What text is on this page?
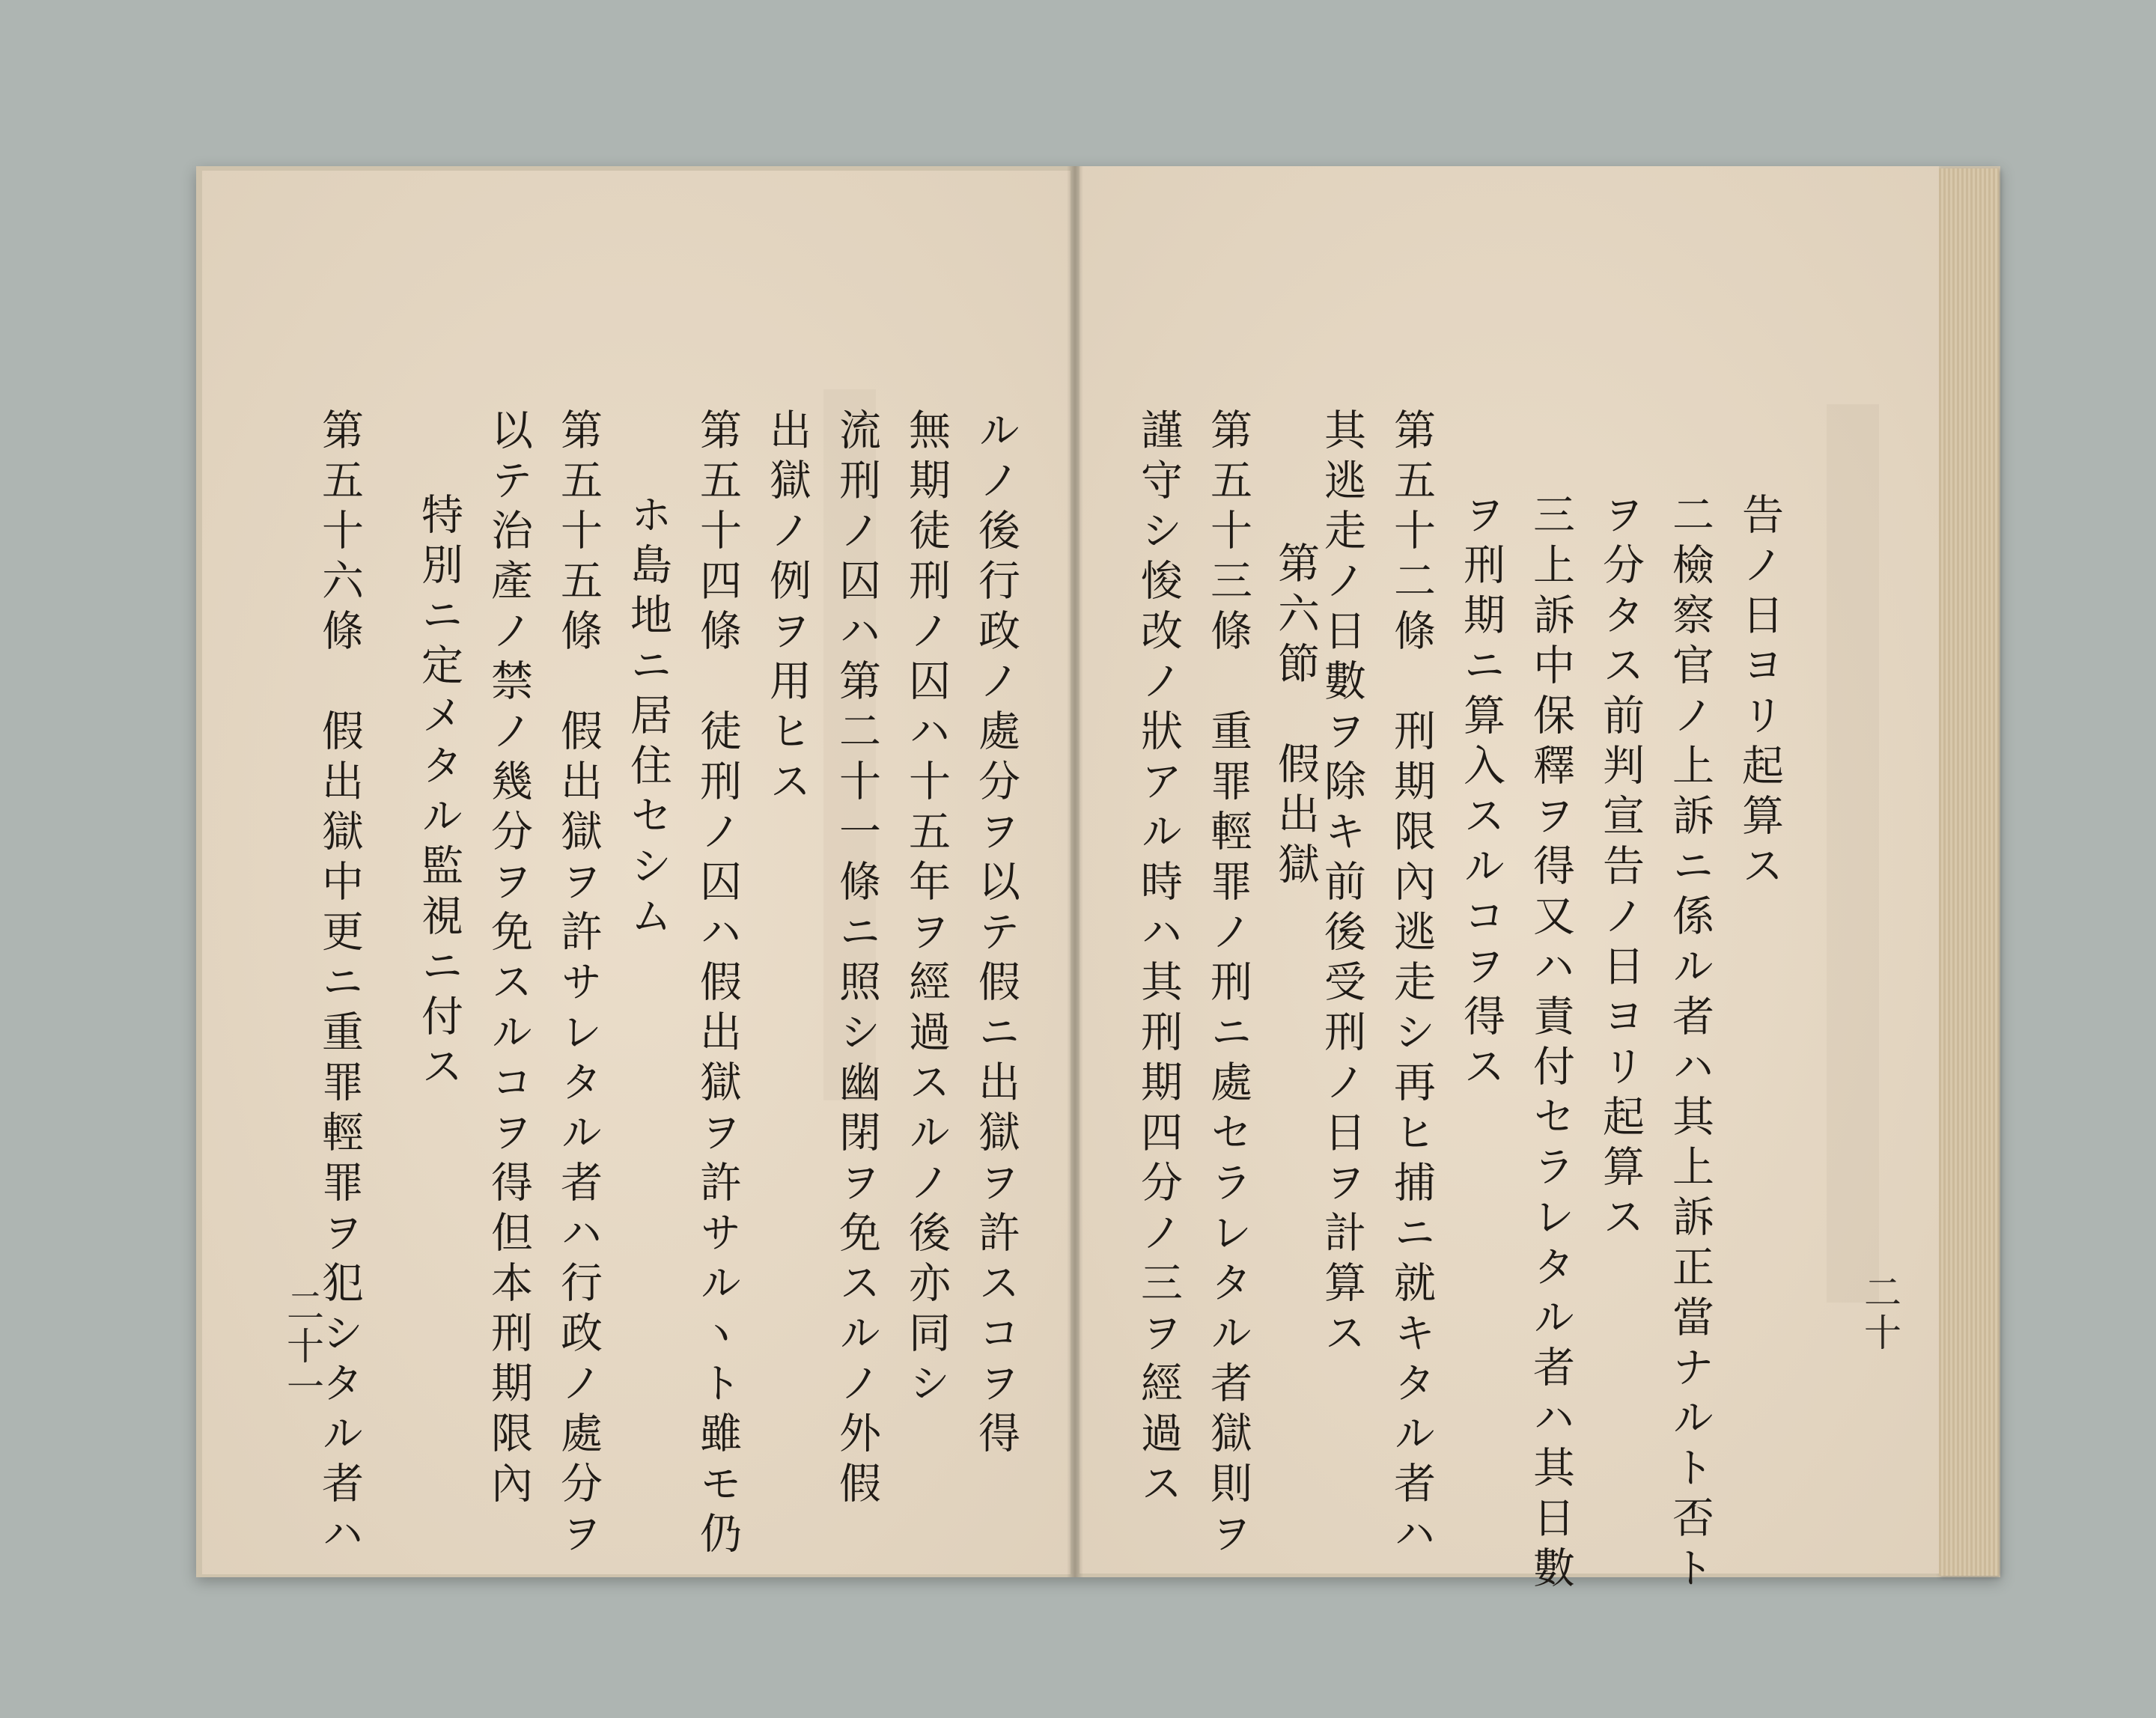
告ノ日ヨリ起算ス
二檢察官ノ上訴ニ係ル者ハ其上訴正當ナルト否ト
ヲ分タス前判宣告ノ日ヨリ起算ス
三上訴中保釋ヲ得又ハ責付セラレタル者ハ其日數
ヲ刑期ニ算入スルコヲ得ス
第五十二條　刑期限內逃走シ再ヒ捕ニ就キタル者ハ
其逃走ノ日數ヲ除キ前後受刑ノ日ヲ計算ス
第六節　假出獄
第五十三條　重罪輕罪ノ刑ニ處セラレタル者獄則ヲ
謹守シ悛改ノ狀アル時ハ其刑期四分ノ三ヲ經過ス	二十
ルノ後行政ノ處分ヲ以テ假ニ出獄ヲ許スコヲ得
無期徒刑ノ囚ハ十五年ヲ經過スルノ後亦同シ
流刑ノ囚ハ第二十一條ニ照シ幽閉ヲ免スルノ外假
出獄ノ例ヲ用ヒス
第五十四條　徒刑ノ囚ハ假出獄ヲ許サルヽト雖モ仍
ホ島地ニ居住セシム
第五十五條　假出獄ヲ許サレタル者ハ行政ノ處分ヲ
以テ治產ノ禁ノ幾分ヲ免スルコヲ得但本刑期限內
特別ニ定メタル監視ニ付ス
第五十六條　假出獄中更ニ重罪輕罪ヲ犯シタル者ハ
二十一
